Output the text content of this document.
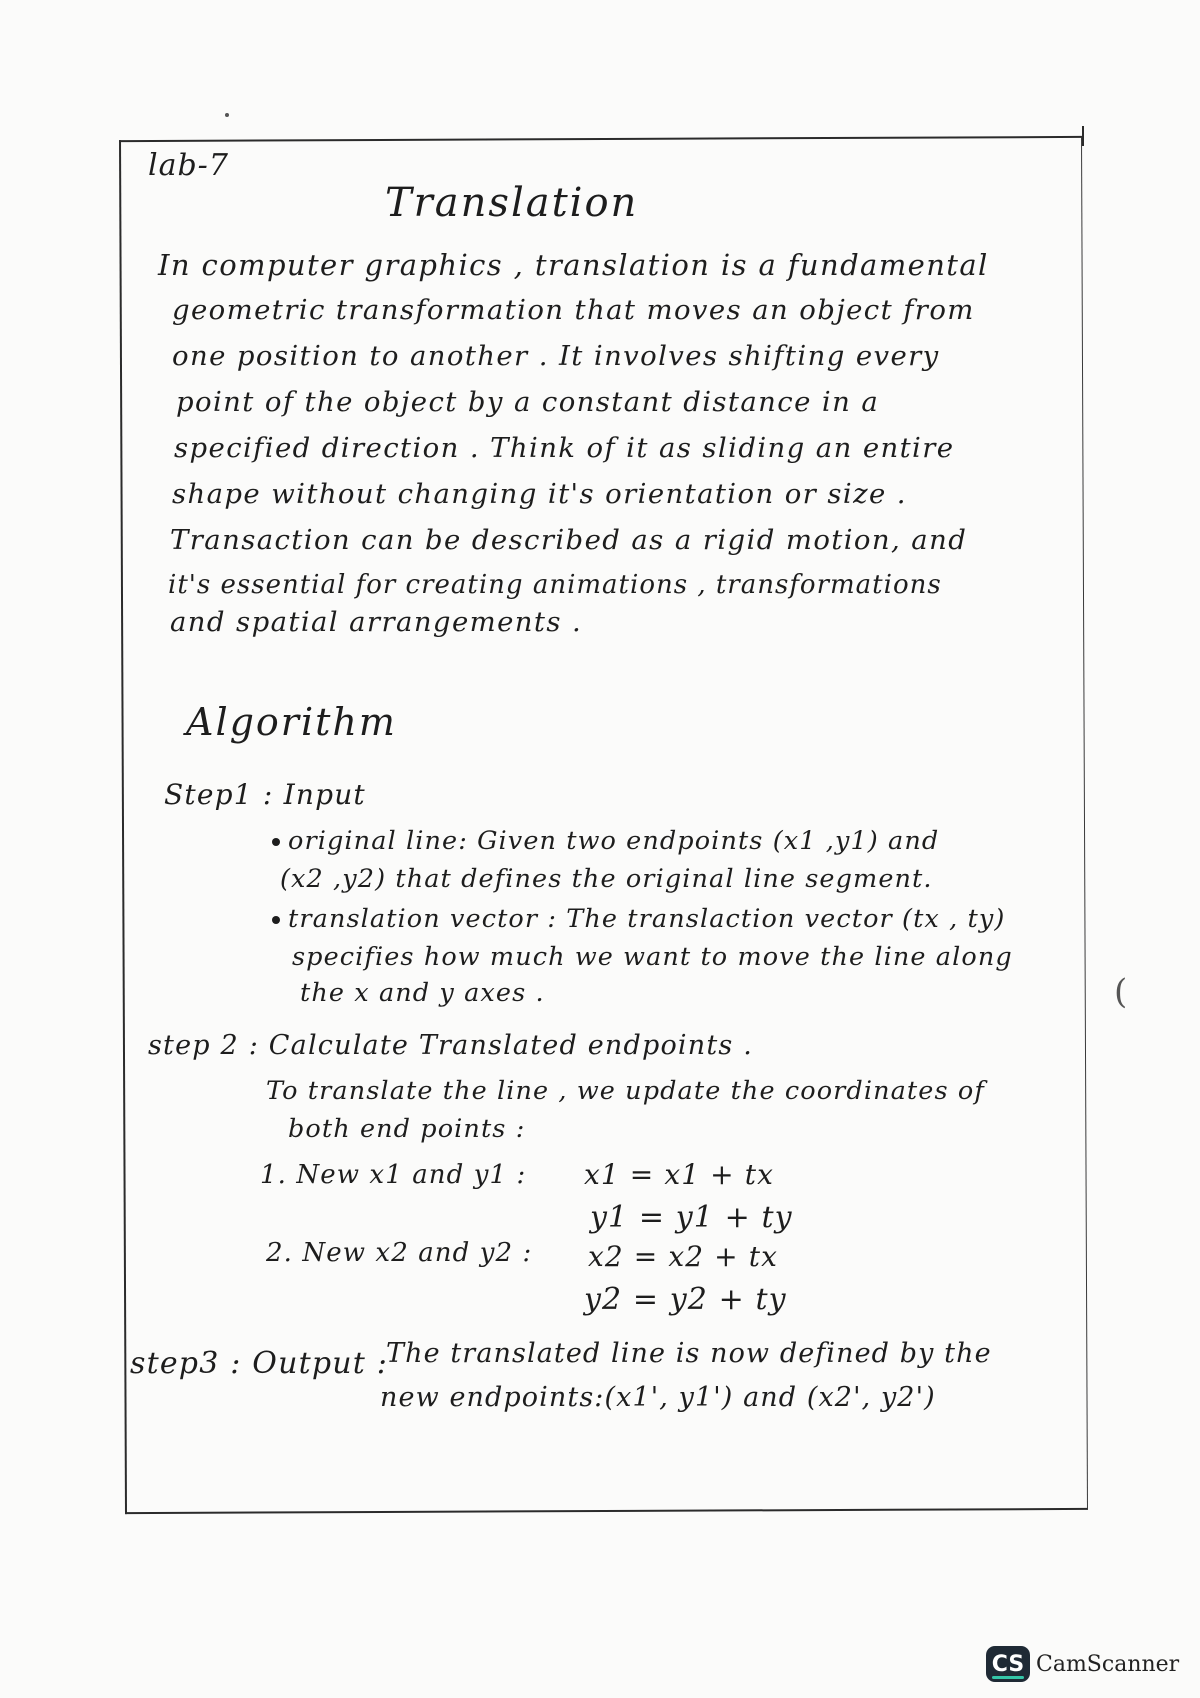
(
lab-7
Translation
In computer graphics , translation is a fundamental
geometric transformation that moves an object from
one position to another . It involves shifting every
point of the object by a constant distance in a
specified direction . Think of it as sliding an entire
shape without changing it's orientation or size .
Transaction can be described as a rigid motion, and
it's essential for creating animations , transformations
and spatial arrangements .
Algorithm
Step1 : Input
original line: Given two endpoints (x1 ,y1) and
(x2 ,y2) that defines the original line segment.
translation vector : The translaction vector (tx , ty)
specifies how much we want to move the line along
the x and y axes .
step 2 : Calculate Translated endpoints .
To translate the line , we update the coordinates of
both end points :
1. New x1 and y1 : x1 = x1 + tx
y1 = y1 + ty
2. New x2 and y2 : x2 = x2 + tx
y2 = y2 + ty
step3 : Output :
The translated line is now defined by the
new endpoints:(x1', y1') and (x2', y2')
CS CamScanner
